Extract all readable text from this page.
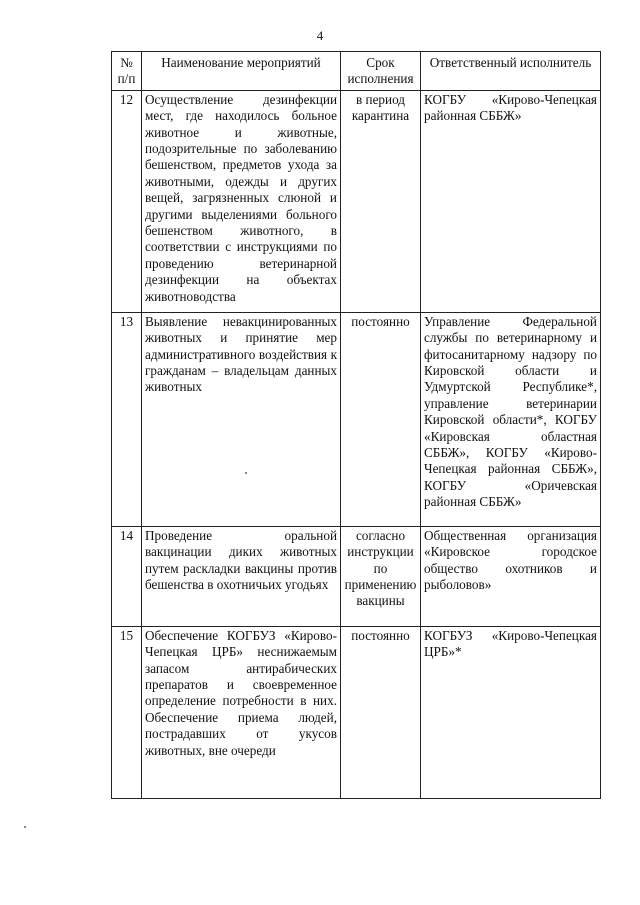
4
№ п/п	Наименование мероприятий	Срок исполнения	Ответственный исполнитель
12	Осуществление дезинфекции мест, где находилось больное животное и животные, подозрительные по заболеванию бешенством, предметов ухода за животными, одежды и других вещей, загрязненных слюной и другими выделениями больного бешенством животного, в соответствии с инструкциями по проведению ветеринарной дезинфекции на объектах животноводства	в период карантина	КОГБУ «Кирово-Чепецкая районная СББЖ»
13	Выявление невакцинированных животных и принятие мер административного воздействия к гражданам – владельцам данных животных	постоянно	Управление Федеральной службы по ветеринарному и фитосанитарному надзору по Кировской области и Удмуртской Республике*, управление ветеринарии Кировской области*, КОГБУ «Кировская областная СББЖ», КОГБУ «Кирово-Чепецкая районная СББЖ», КОГБУ «Оричевская районная СББЖ»
14	Проведение оральной вакцинации диких животных путем раскладки вакцины против бешенства в охотничьих угодьях	согласно инструкции по применению вакцины	Общественная организация «Кировское городское общество охотников и рыболовов»
15	Обеспечение КОГБУЗ «Кирово-Чепецкая ЦРБ» неснижаемым запасом антирабических препаратов и своевременное определение потребности в них. Обеспечение приема людей, пострадавших от укусов животных, вне очереди	постоянно	КОГБУЗ «Кирово-Чепецкая ЦРБ»*
